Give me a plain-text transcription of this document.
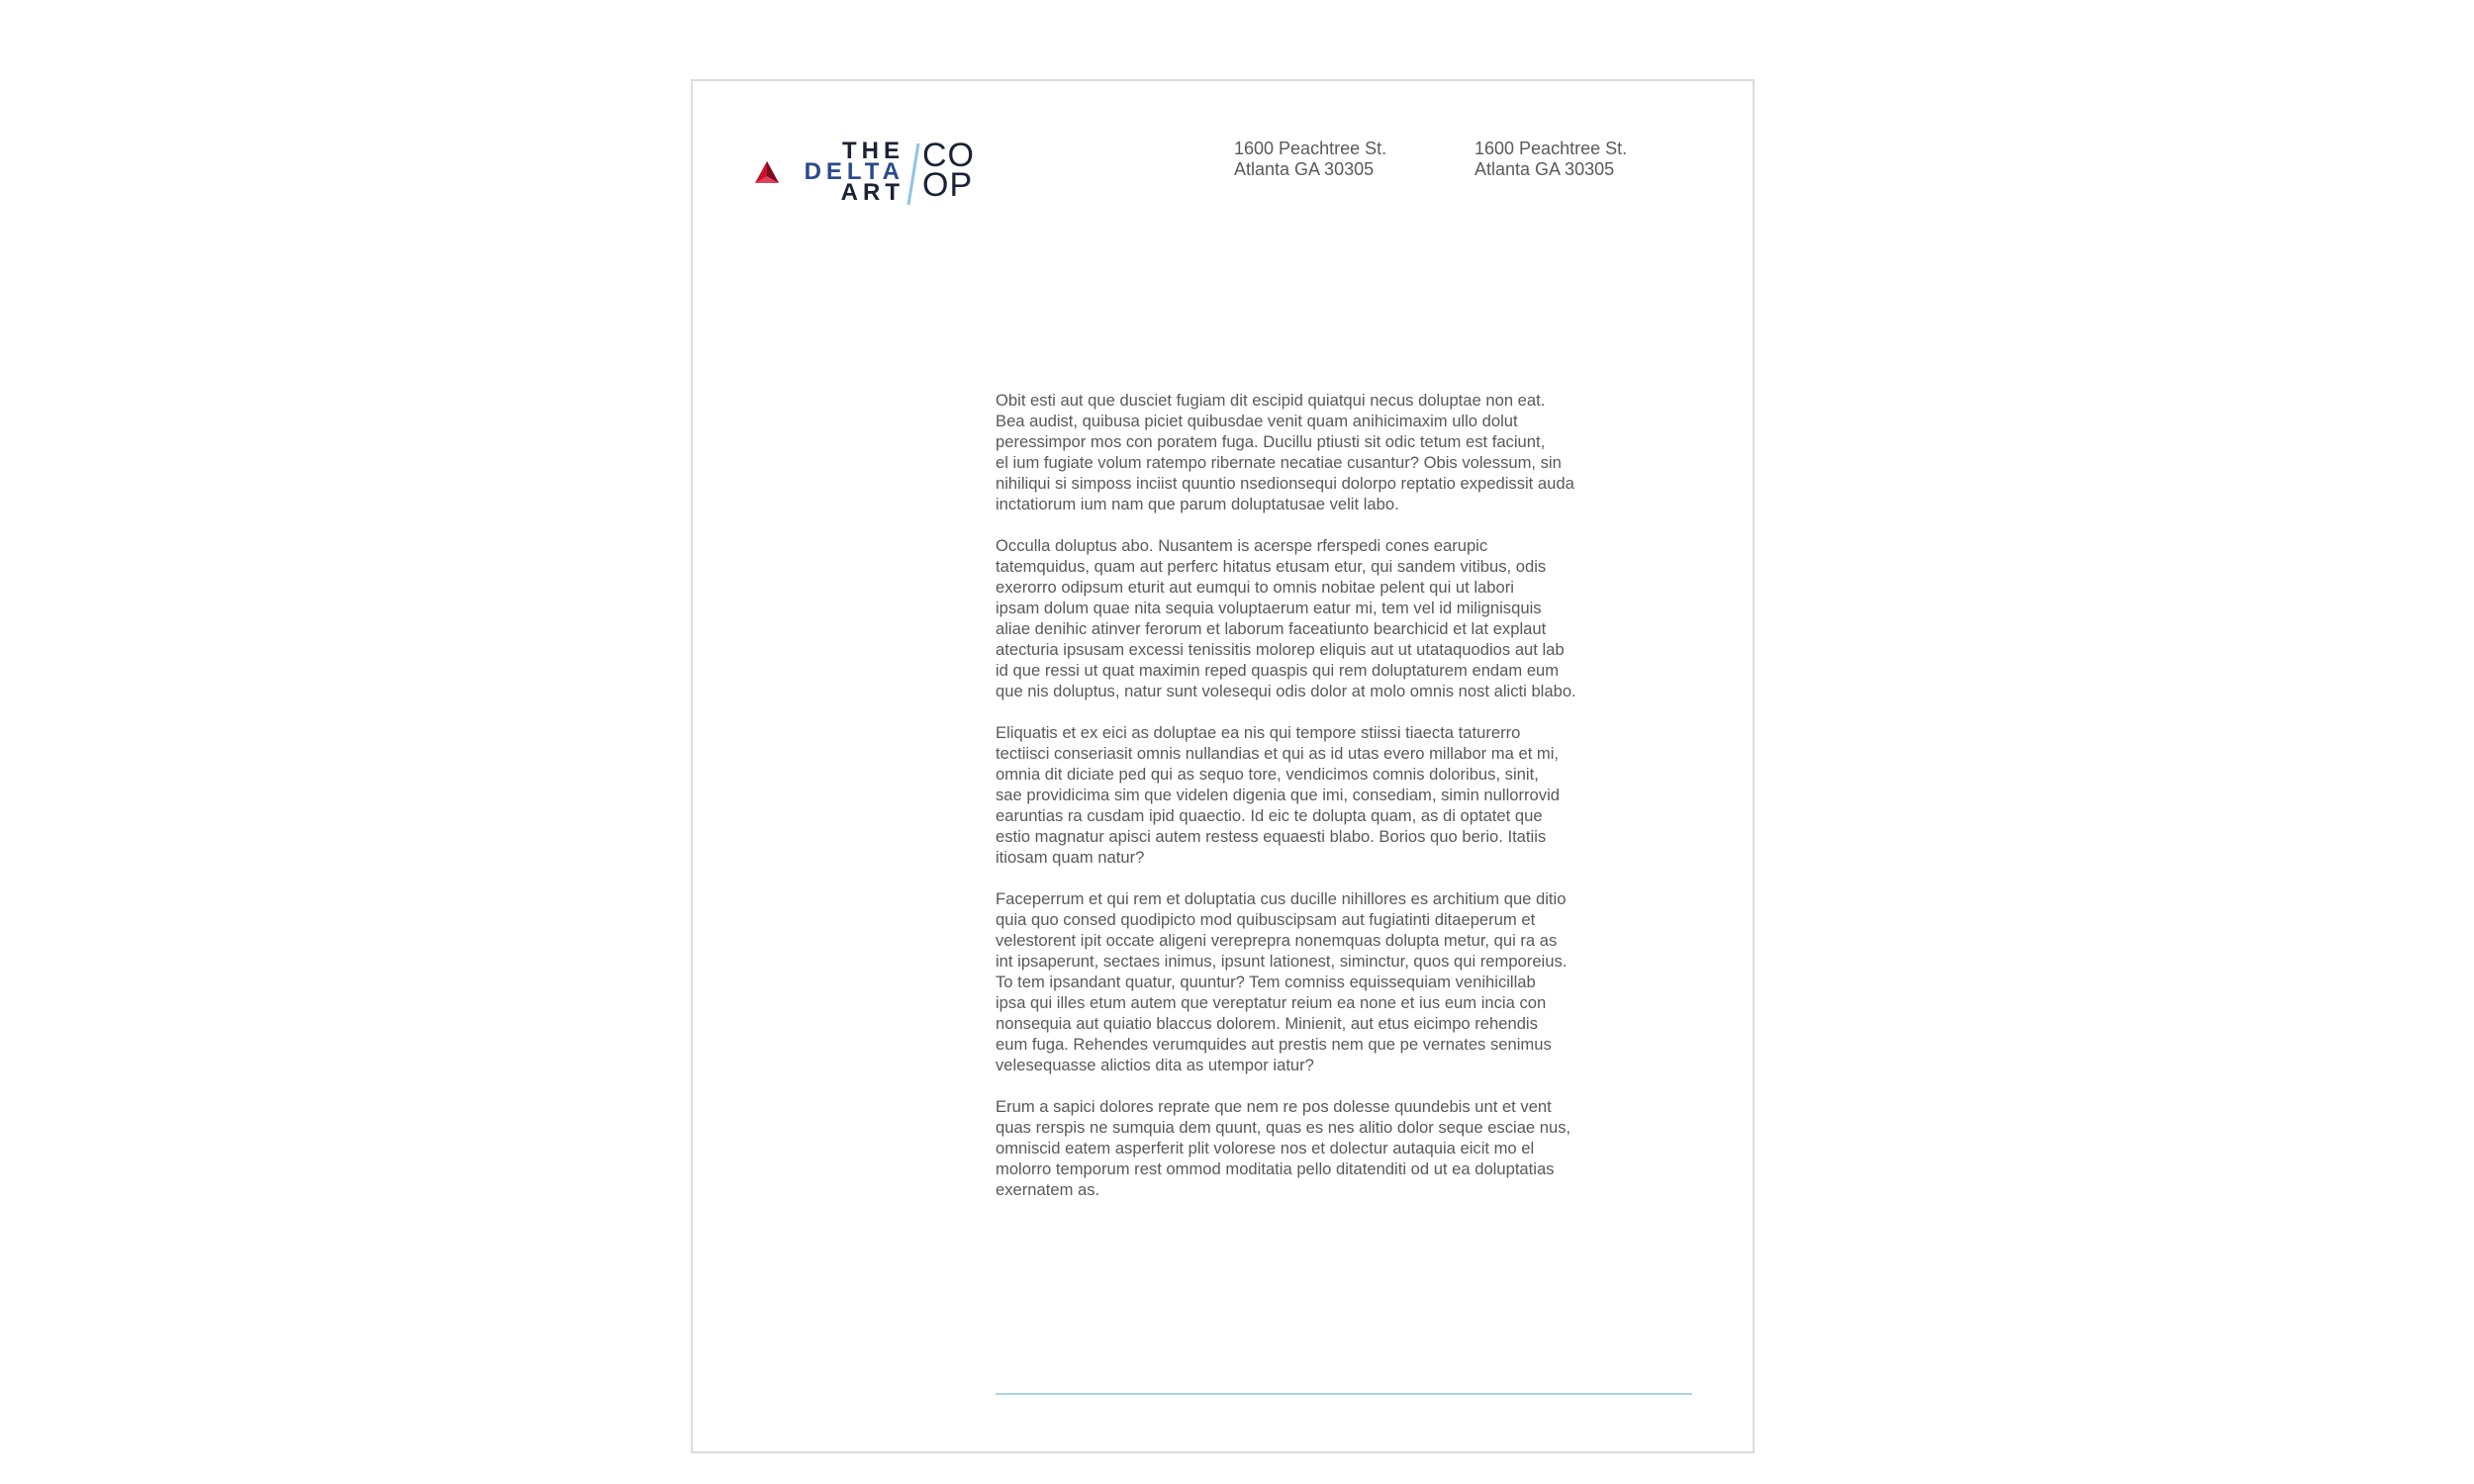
THE
DELTA
ART
CO
OP
1600 Peachtree St.
Atlanta GA 30305
1600 Peachtree St.
Atlanta GA 30305

Obit esti aut que dusciet fugiam dit escipid quiatqui necus doluptae non eat.
Bea audist, quibusa piciet quibusdae venit quam anihicimaxim ullo dolut
peressimpor mos con poratem fuga. Ducillu ptiusti sit odic tetum est faciunt,
el ium fugiate volum ratempo ribernate necatiae cusantur? Obis volessum, sin
nihiliqui si simposs inciist quuntio nsedionsequi dolorpo reptatio expedissit auda
inctatiorum ium nam que parum doluptatusae velit labo.

Occulla doluptus abo. Nusantem is acerspe rferspedi cones earupic
tatemquidus, quam aut perferc hitatus etusam etur, qui sandem vitibus, odis
exerorro odipsum eturit aut eumqui to omnis nobitae pelent qui ut labori
ipsam dolum quae nita sequia voluptaerum eatur mi, tem vel id milignisquis
aliae denihic atinver ferorum et laborum faceatiunto bearchicid et lat explaut
atecturia ipsusam excessi tenissitis molorep eliquis aut ut utataquodios aut lab
id que ressi ut quat maximin reped quaspis qui rem doluptaturem endam eum
que nis doluptus, natur sunt volesequi odis dolor at molo omnis nost alicti blabo.

Eliquatis et ex eici as doluptae ea nis qui tempore stiissi tiaecta taturerro
tectiisci conseriasit omnis nullandias et qui as id utas evero millabor ma et mi,
omnia dit diciate ped qui as sequo tore, vendicimos comnis doloribus, sinit,
sae providicima sim que videlen digenia que imi, consediam, simin nullorrovid
earuntias ra cusdam ipid quaectio. Id eic te dolupta quam, as di optatet que
estio magnatur apisci autem restess equaesti blabo. Borios quo berio. Itatiis
itiosam quam natur?

Faceperrum et qui rem et doluptatia cus ducille nihillores es architium que ditio
quia quo consed quodipicto mod quibuscipsam aut fugiatinti ditaeperum et
velestorent ipit occate aligeni vereprepra nonemquas dolupta metur, qui ra as
int ipsaperunt, sectaes inimus, ipsunt lationest, siminctur, quos qui remporeius.
To tem ipsandant quatur, quuntur? Tem comniss equissequiam venihicillab
ipsa qui illes etum autem que vereptatur reium ea none et ius eum incia con
nonsequia aut quiatio blaccus dolorem. Minienit, aut etus eicimpo rehendis
eum fuga. Rehendes verumquides aut prestis nem que pe vernates senimus
velesequasse alictios dita as utempor iatur?

Erum a sapici dolores reprate que nem re pos dolesse quundebis unt et vent
quas rerspis ne sumquia dem quunt, quas es nes alitio dolor seque esciae nus,
omniscid eatem asperferit plit volorese nos et dolectur autaquia eicit mo el
molorro temporum rest ommod moditatia pello ditatenditi od ut ea doluptatias
exernatem as.
